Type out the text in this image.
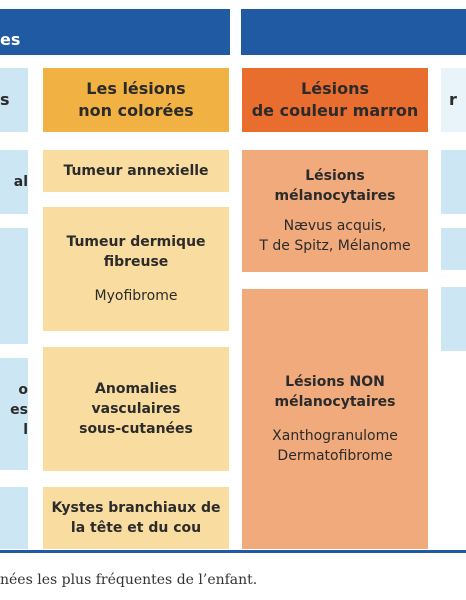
es
s
al
o
es
l
Les lésions
non colorées
Tumeur annexielle
Tumeur dermique
fibreuse
Myofibrome
Anomalies
vasculaires
sous-cutanées
Kystes branchiaux de
la tête et du cou
Lésions
de couleur marron
Lésions
mélanocytaires
Nævus acquis,
T de Spitz, Mélanome
Lésions NON
mélanocytaires
Xanthogranulome
Dermatofibrome
r
nées les plus fréquentes de l’enfant.
